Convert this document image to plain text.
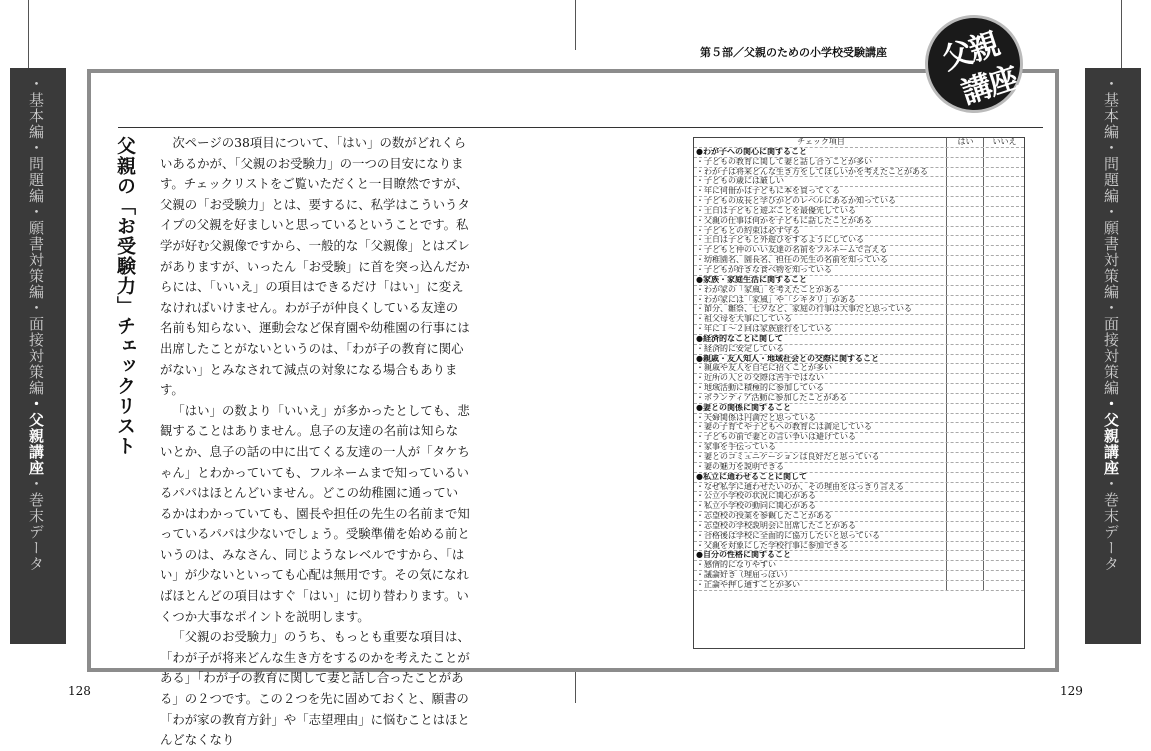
・基本編・問題編・願書対策編・面接対策編・父親講座・巻末データ
・基本編・問題編・願書対策編・面接対策編・父親講座・巻末データ
第５部／父親のための小学校受験講座 父親
講座
父親の「お受験力」チェックリスト	次ページの38項目について、「はい」の数がどれくらいあるかが、「父親のお受験力」の一つの目安になります。チェックリストをご覧いただくと一目瞭然ですが、父親の「お受験力」とは、要するに、私学はこういうタイプの父親を好ましいと思っているということです。私学が好む父親像ですから、一般的な「父親像」とはズレがありますが、いったん「お受験」に首を突っ込んだからには、「いいえ」の項目はできるだけ「はい」に変えなければいけません。わが子が仲良くしている友達の名前も知らない、運動会など保育園や幼稚園の行事には出席したことがないというのは、「わが子の教育に関心がない」とみなされて減点の対象になる場合もあります。

「はい」の数より「いいえ」が多かったとしても、悲観することはありません。息子の友達の名前は知らないとか、息子の話の中に出てくる友達の一人が「タケちゃん」とわかっていても、フルネームまで知っているいるパパはほとんどいません。どこの幼稚園に通っているかはわかっていても、園長や担任の先生の名前まで知っているパパは少ないでしょう。受験準備を始める前というのは、みなさん、同じようなレベルですから、「はい」が少ないといっても心配は無用です。その気になればほとんどの項目はすぐ「はい」に切り替わります。いくつか大事なポイントを説明します。

「父親のお受験力」のうち、もっとも重要な項目は、「わが子が将来どんな生き方をするのかを考えたことがある」「わが子の教育に関して妻と話し合ったことがある」の２つです。この２つを先に固めておくと、願書の「わが家の教育方針」や「志望理由」に悩むことはほとんどなくなり

チェック項目	はい	いいえ
●わが子への関心に関すること
・子どもの教育に関して妻と話し合うことが多い
・わが子は将来どんな生き方をしてほしいかを考えたことがある
・子どもの歳には厳しい
・年に何冊かは子どもに本を買ってくる
・子どもの成長と学びがどのレベルにあるか知っている
・土日は子どもと遊ぶことを最優先している
・父親の仕事は何かを子どもに話したことがある
・子どもとの約束は必ず守る
・土日は子どもと外遊びをするようにしている
・子どもと仲のいい友達の名前をフルネームで言える
・幼稚園名、園長名、担任の先生の名前を知っている
・子どもが好きな食べ物を知っている
●家族・家庭生活に関すること
・わが家の「家風」を考えたことがある
・わが家には「家風」や「シキタリ」がある
・節分、雛祭、七夕など、家庭の行事は大事だと思っている
・祖父母を大事にしている
・年に１～２回は家族旅行をしている
●経済的なことに関して
・経済的に安定している
●親戚・友人知人・地域社会との交際に関すること
・親戚や友人を自宅に招くことが多い
・近所の人との交際は苦手ではない
・地域活動に積極的に参加している
・ボランティア活動に参加したことがある
●妻との関係に関すること
・夫婦関係は円満だと思っている
・妻の子育てや子どもへの教育には満足している
・子どもの前で妻との言い争いは避けている
・家事を手伝っている
・妻とのコミュニケーションは良好だと思っている
・妻の魅力を説明できる
●私立に通わせることに関して
・なぜ私学に通わせたいのか、その理由をはっきり言える
・公立小学校の状況に関心がある
・私立小学校の動向に関心がある
・志望校の授業を参観したことがある
・志望校の学校説明会に出席したことがある
・合格後は学校に全面的に協力したいと思っている
・父親を対象にした学校行事に参加できる
●自分の性格に関すること
・感情的になりやすい
・議論好き（理屈っぽい）
・正論や押し通すことが多い
128	129
